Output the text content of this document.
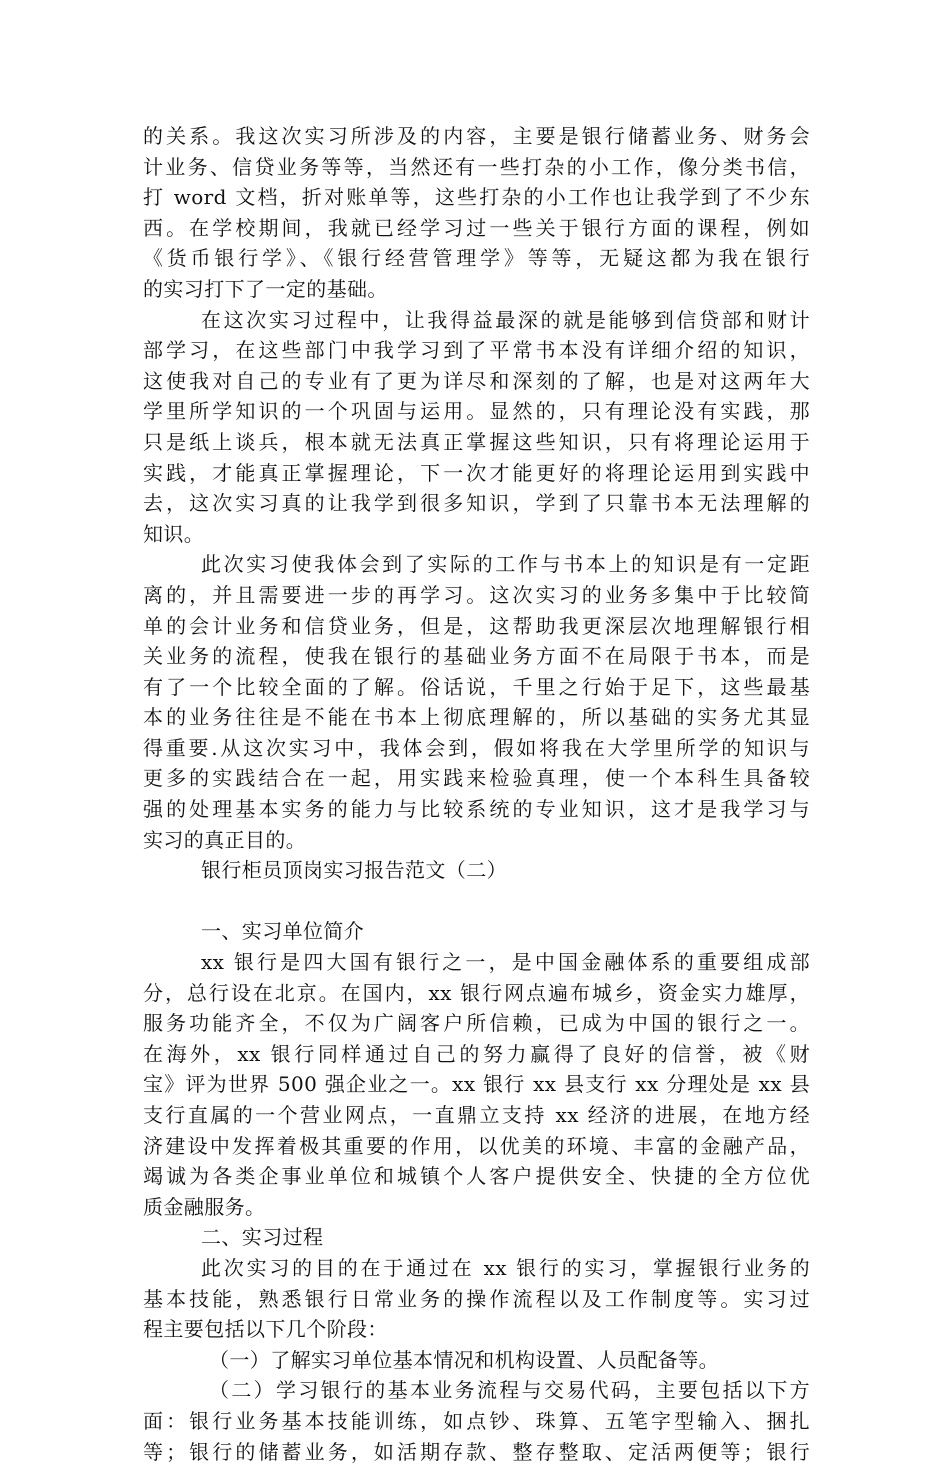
的关系。我这次实习所涉及的内容，主要是银行储蓄业务、财务会
计业务、信贷业务等等，当然还有一些打杂的小工作，像分类书信，
打 word 文档，折对账单等，这些打杂的小工作也让我学到了不少东
西。在学校期间，我就已经学习过一些关于银行方面的课程，例如
《货币银行学》、《银行经营管理学》等等，无疑这都为我在银行
的实习打下了一定的基础。
在这次实习过程中，让我得益最深的就是能够到信贷部和财计
部学习，在这些部门中我学习到了平常书本没有详细介绍的知识，
这使我对自己的专业有了更为详尽和深刻的了解，也是对这两年大
学里所学知识的一个巩固与运用。显然的，只有理论没有实践，那
只是纸上谈兵，根本就无法真正掌握这些知识，只有将理论运用于
实践，才能真正掌握理论，下一次才能更好的将理论运用到实践中
去，这次实习真的让我学到很多知识，学到了只靠书本无法理解的
知识。
此次实习使我体会到了实际的工作与书本上的知识是有一定距
离的，并且需要进一步的再学习。这次实习的业务多集中于比较简
单的会计业务和信贷业务，但是，这帮助我更深层次地理解银行相
关业务的流程，使我在银行的基础业务方面不在局限于书本，而是
有了一个比较全面的了解。俗话说，千里之行始于足下，这些最基
本的业务往往是不能在书本上彻底理解的，所以基础的实务尤其显
得重要.从这次实习中，我体会到，假如将我在大学里所学的知识与
更多的实践结合在一起，用实践来检验真理，使一个本科生具备较
强的处理基本实务的能力与比较系统的专业知识，这才是我学习与
实习的真正目的。
银行柜员顶岗实习报告范文（二）
一、实习单位简介
xx 银行是四大国有银行之一，是中国金融体系的重要组成部
分，总行设在北京。在国内，xx 银行网点遍布城乡，资金实力雄厚，
服务功能齐全，不仅为广阔客户所信赖，已成为中国的银行之一。
在海外，xx 银行同样通过自己的努力赢得了良好的信誉，被《财
宝》评为世界 500 强企业之一。xx 银行 xx 县支行 xx 分理处是 xx 县
支行直属的一个营业网点，一直鼎立支持 xx 经济的进展，在地方经
济建设中发挥着极其重要的作用，以优美的环境、丰富的金融产品，
竭诚为各类企事业单位和城镇个人客户提供安全、快捷的全方位优
质金融服务。
二、实习过程
此次实习的目的在于通过在 xx 银行的实习，掌握银行业务的
基本技能，熟悉银行日常业务的操作流程以及工作制度等。实习过
程主要包括以下几个阶段：
（一）了解实习单位基本情况和机构设置、人员配备等。
（二）学习银行的基本业务流程与交易代码，主要包括以下方
面：银行业务基本技能训练，如点钞、珠算、五笔字型输入、捆扎
等；银行的储蓄业务，如活期存款、整存整取、定活两便等；银行
